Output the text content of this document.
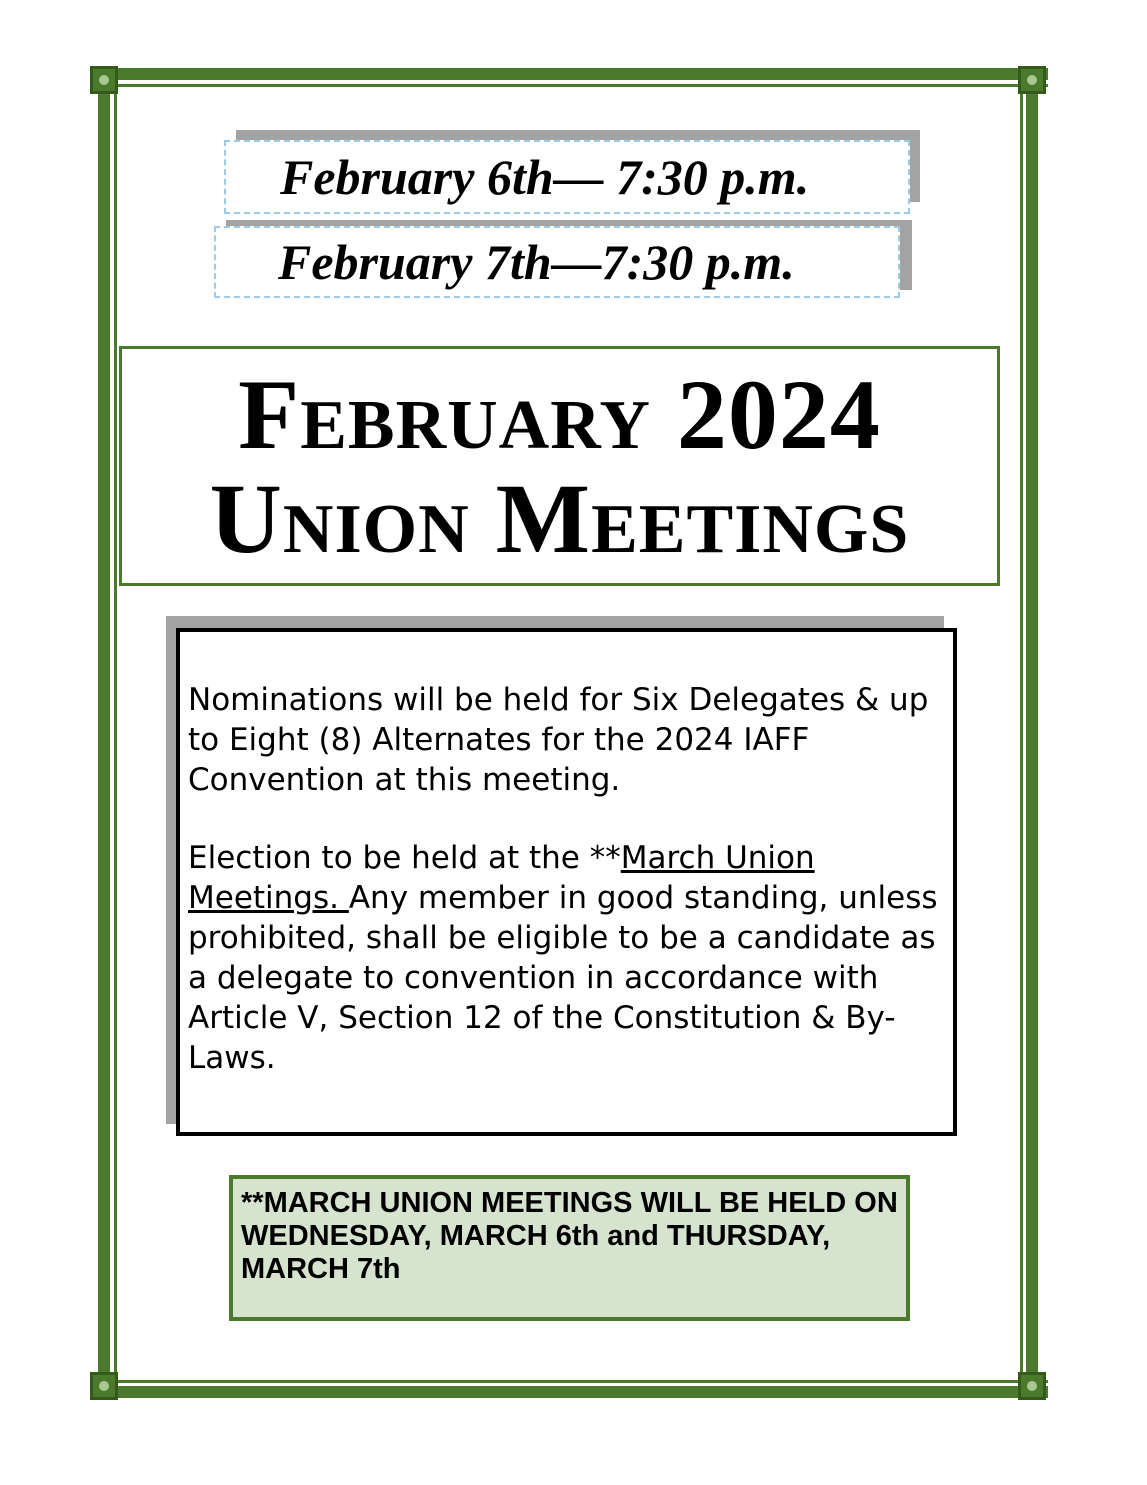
February 6th— 7:30 p.m.
February 7th—7:30 p.m.
February 2024
Union Meetings

Nominations will be held for Six Delegates & up to Eight (8) Alternates for the 2024 IAFF Convention at this meeting.

Election to be held at the **March Union Meetings. Any member in good standing, unless prohibited, shall be eligible to be a candidate as a delegate to convention in accordance with Article V, Section 12 of the Constitution & By-Laws.

**MARCH UNION MEETINGS WILL BE HELD ON WEDNESDAY, MARCH 6th and THURSDAY, MARCH 7th
